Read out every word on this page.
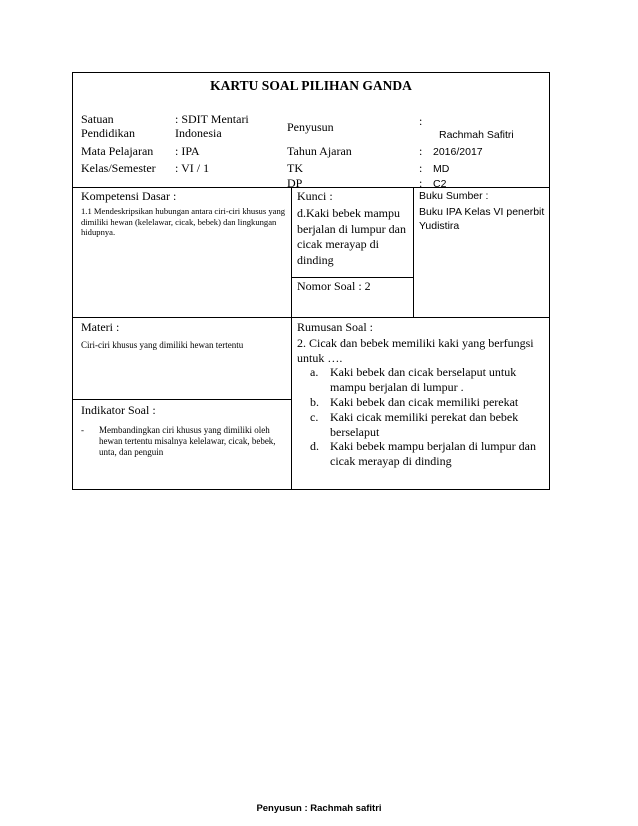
KARTU SOAL PILIHAN GANDA
Satuan
Pendidikan
: SDIT Mentari
Indonesia
Mata Pelajaran : IPA
Kelas/Semester : VI / 1
Penyusun	:
Rachmah Safitri
Tahun Ajaran	: 2016/2017
TK	: MD
DP	: C2
Kompetensi Dasar :
1.1 Mendeskripsikan hubungan antara ciri-ciri khusus yang dimiliki hewan (kelelawar, cicak, bebek) dan lingkungan hidupnya.
Kunci :
d.Kaki bebek mampu berjalan di lumpur dan cicak merayap di dinding
Nomor Soal : 2
Buku Sumber :
Buku IPA Kelas VI penerbit Yudistira
Materi :
Ciri-ciri khusus yang dimiliki hewan tertentu
Indikator Soal :
- Membandingkan ciri khusus yang dimiliki oleh hewan tertentu misalnya kelelawar, cicak, bebek, unta, dan penguin
Rumusan Soal :
2. Cicak dan bebek memiliki kaki yang berfungsi untuk ….
a. Kaki bebek dan cicak berselaput untuk mampu berjalan di lumpur .
b. Kaki bebek dan cicak memiliki perekat
c. Kaki cicak memiliki perekat dan bebek berselaput
d. Kaki bebek mampu berjalan di lumpur dan cicak merayap di dinding
Penyusun : Rachmah safitri
